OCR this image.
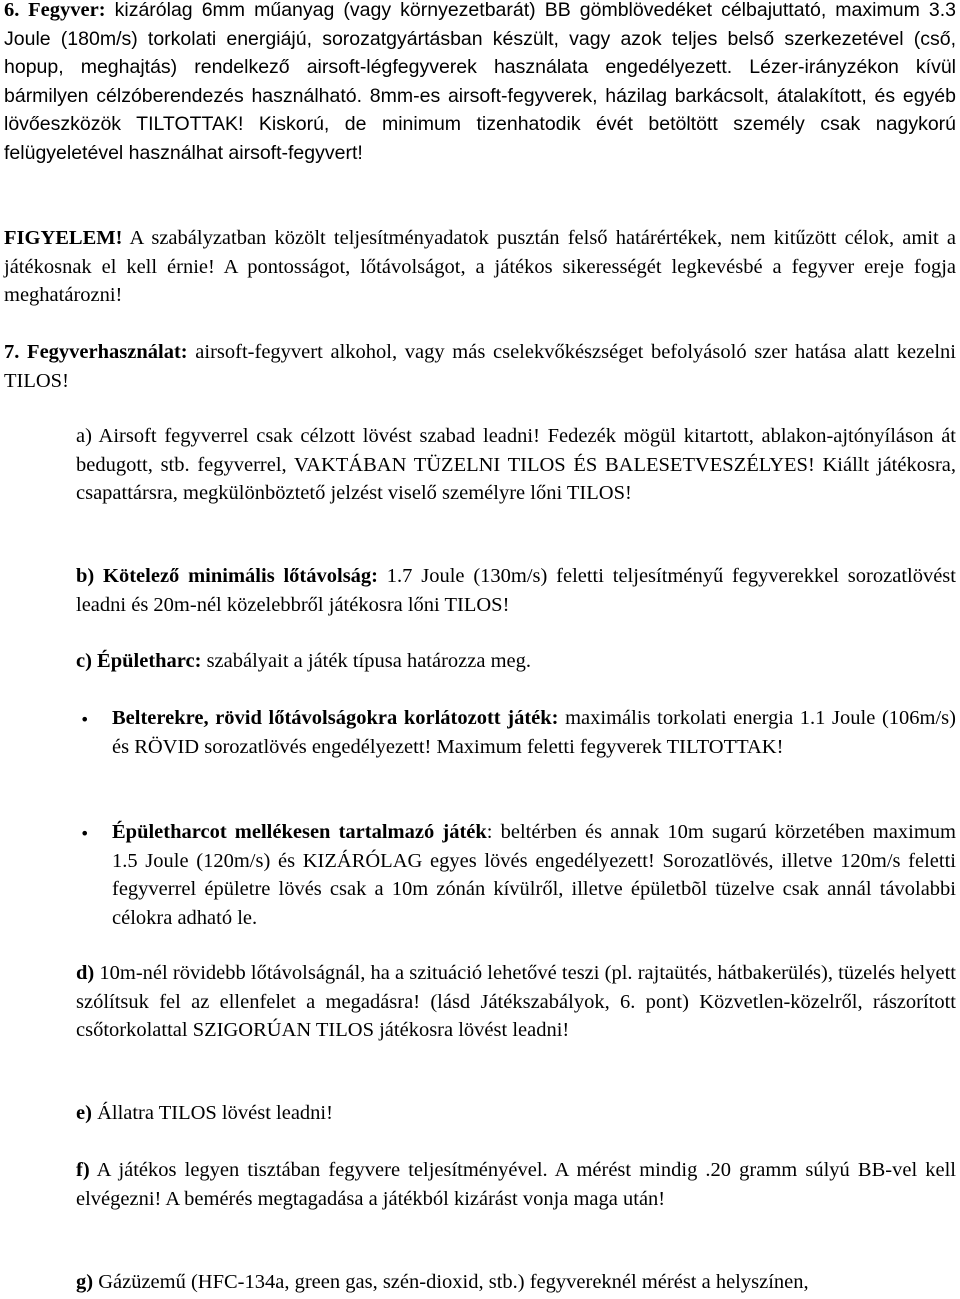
6. Fegyver: kizárólag 6mm műanyag (vagy környezetbarát) BB gömblövedéket célbajuttató, maximum 3.3 Joule (180m/s) torkolati energiájú, sorozatgyártásban készült, vagy azok teljes belső szerkezetével (cső, hopup, meghajtás) rendelkező airsoft-légfegyverek használata engedélyezett. Lézer-irányzékon kívül bármilyen célzóberendezés használható. 8mm-es airsoft-fegyverek, házilag barkácsolt, átalakított, és egyéb lövőeszközök TILTOTTAK! Kiskorú, de minimum tizenhatodik évét betöltött személy csak nagykorú felügyeletével használhat airsoft-fegyvert!

FIGYELEM! A szabályzatban közölt teljesítményadatok pusztán felső határértékek, nem kitűzött célok, amit a játékosnak el kell érnie! A pontosságot, lőtávolságot, a játékos sikerességét legkevésbé a fegyver ereje fogja meghatározni!

7. Fegyverhasználat: airsoft-fegyvert alkohol, vagy más cselekvőkészséget befolyásoló szer hatása alatt kezelni TILOS!

a) Airsoft fegyverrel csak célzott lövést szabad leadni! Fedezék mögül kitartott, ablakon-ajtónyíláson át bedugott, stb. fegyverrel, VAKTÁBAN TÜZELNI TILOS ÉS BALESETVESZÉLYES! Kiállt játékosra, csapattársra, megkülönböztető jelzést viselő személyre lőni TILOS!

b) Kötelező minimális lőtávolság: 1.7 Joule (130m/s) feletti teljesítményű fegyverekkel sorozatlövést leadni és 20m-nél közelebbről játékosra lőni TILOS!

c) Épületharc: szabályait a játék típusa határozza meg.

• Belterekre, rövid lőtávolságokra korlátozott játék: maximális torkolati energia 1.1 Joule (106m/s) és RÖVID sorozatlövés engedélyezett! Maximum feletti fegyverek TILTOTTAK!

• Épületharcot mellékesen tartalmazó játék: beltérben és annak 10m sugarú körzetében maximum 1.5 Joule (120m/s) és KIZÁRÓLAG egyes lövés engedélyezett! Sorozatlövés, illetve 120m/s feletti fegyverrel épületre lövés csak a 10m zónán kívülről, illetve épületbõl tüzelve csak annál távolabbi célokra adható le.

d) 10m-nél rövidebb lőtávolságnál, ha a szituáció lehetővé teszi (pl. rajtaütés, hátbakerülés), tüzelés helyett szólítsuk fel az ellenfelet a megadásra! (lásd Játékszabályok, 6. pont) Közvetlen-közelről, rászorított csőtorkolattal SZIGORÚAN TILOS játékosra lövést leadni!

e) Állatra TILOS lövést leadni!

f) A játékos legyen tisztában fegyvere teljesítményével. A mérést mindig .20 gramm súlyú BB-vel kell elvégezni! A bemérés megtagadása a játékból kizárást vonja maga után!

g) Gázüzemű (HFC-134a, green gas, szén-dioxid, stb.) fegyvereknél mérést a helyszínen,
